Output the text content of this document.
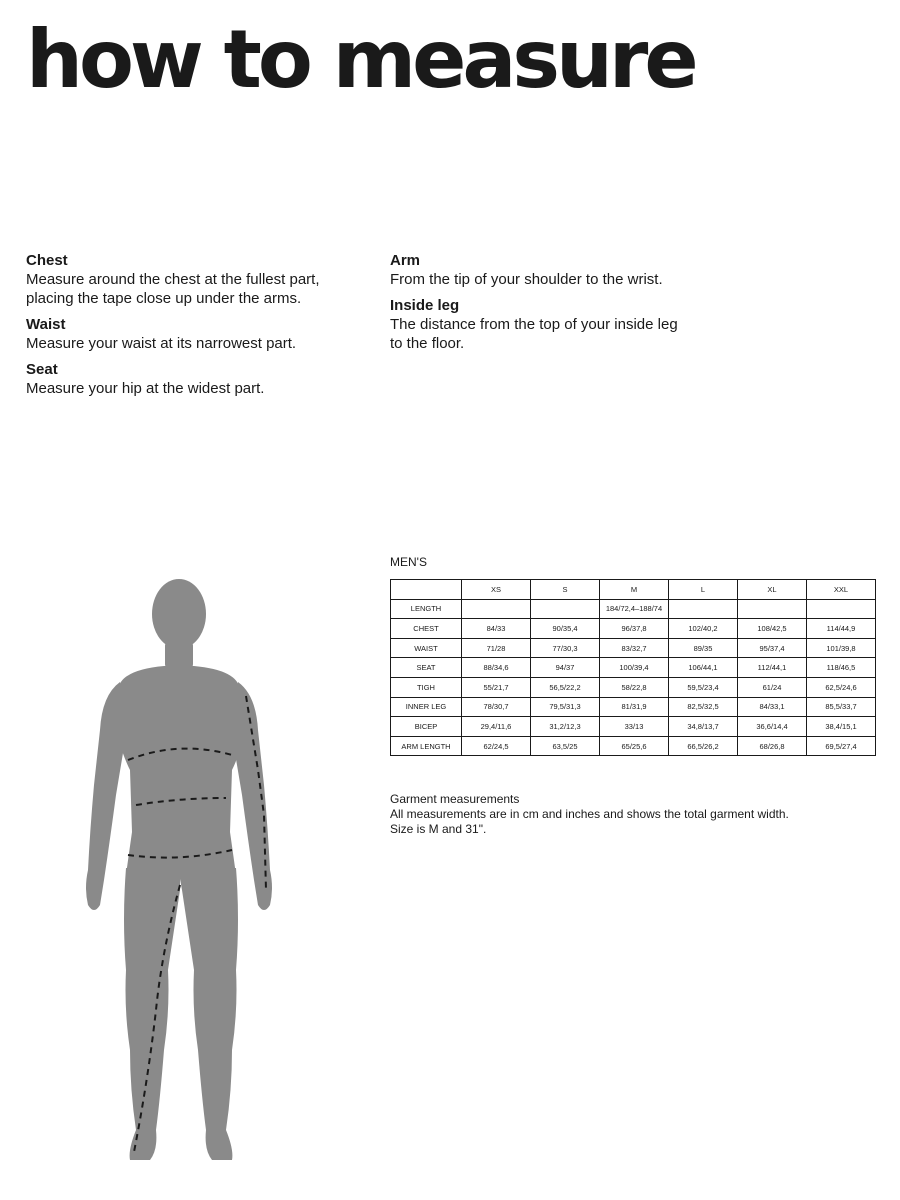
how to measure
Chest
Measure around the chest at the fullest part,
placing the tape close up under the arms.
Waist
Measure your waist at its narrowest part.
Seat
Measure your hip at the widest part.
Arm
From the tip of your shoulder to the wrist.
Inside leg
The distance from the top of your inside leg
to the floor.
MEN'S
	XS	S	M	L	XL	XXL
LENGTH			184/72,4–188/74			
CHEST	84/33	90/35,4	96/37,8	102/40,2	108/42,5	114/44,9
WAIST	71/28	77/30,3	83/32,7	89/35	95/37,4	101/39,8
SEAT	88/34,6	94/37	100/39,4	106/44,1	112/44,1	118/46,5
TIGH	55/21,7	56,5/22,2	58/22,8	59,5/23,4	61/24	62,5/24,6
INNER LEG	78/30,7	79,5/31,3	81/31,9	82,5/32,5	84/33,1	85,5/33,7
BICEP	29,4/11,6	31,2/12,3	33/13	34,8/13,7	36,6/14,4	38,4/15,1
ARM LENGTH	62/24,5	63,5/25	65/25,6	66,5/26,2	68/26,8	69,5/27,4
Garment measurements
All measurements are in cm and inches and shows the total garment width.
Size is M and 31".
